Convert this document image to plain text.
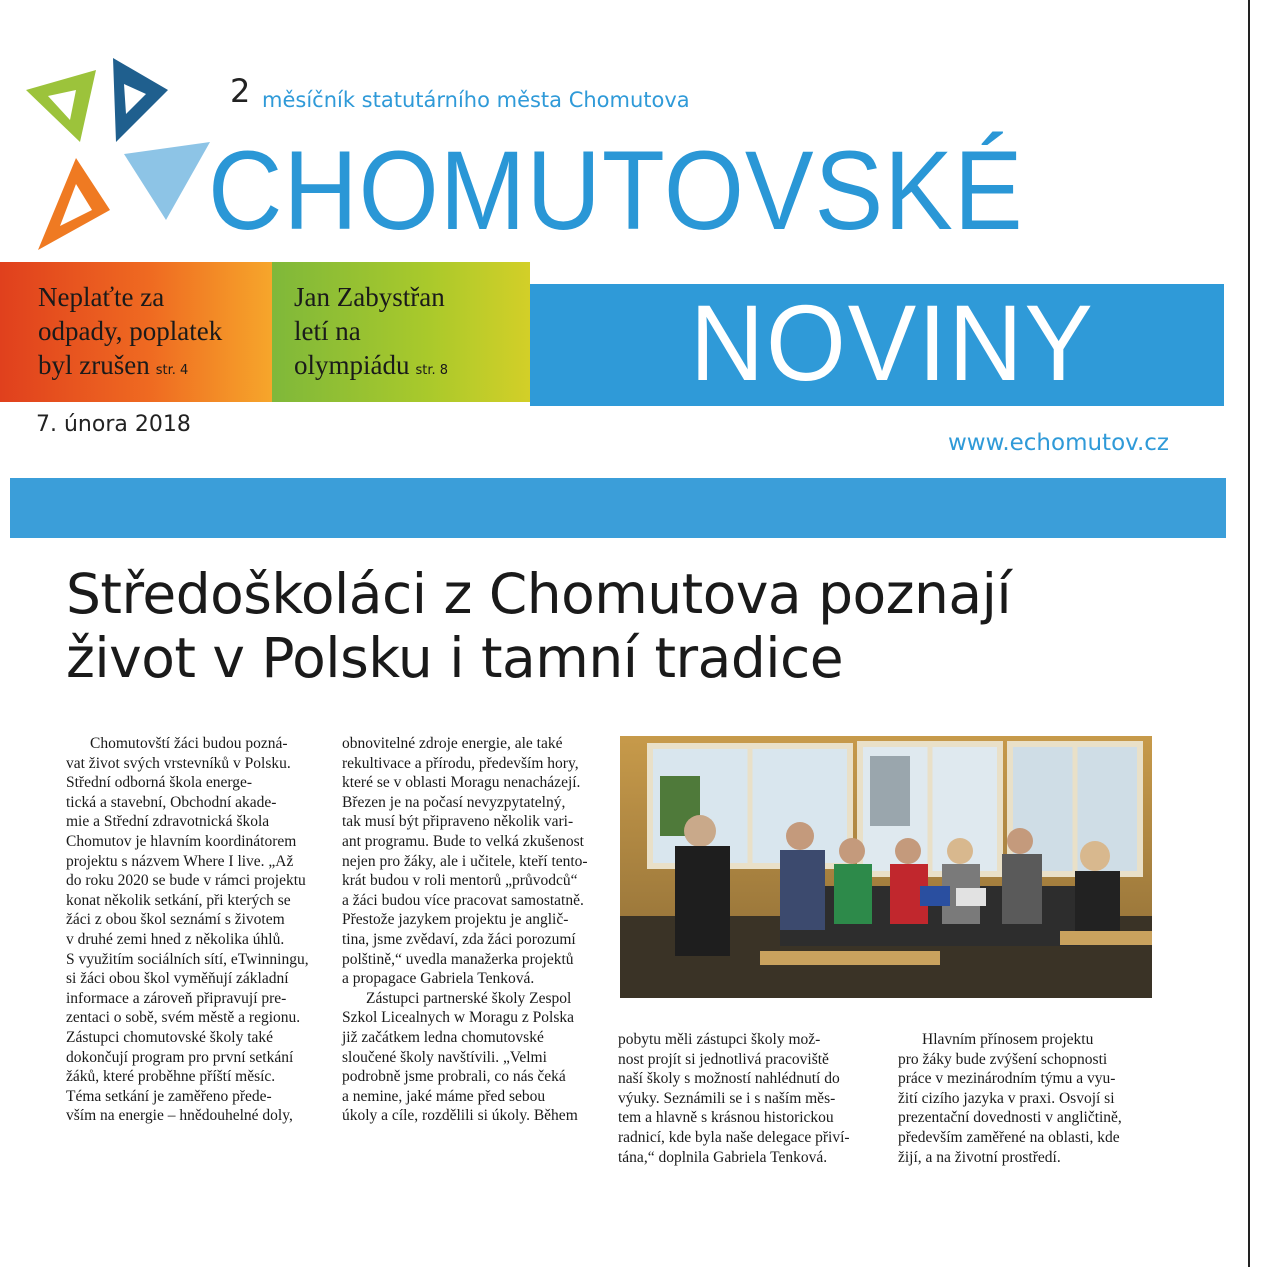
2 měsíčník statutárního města Chomutova
CHOMUTOVSKÉ
Neplaťte za
odpady, poplatek
byl zrušen str. 4
Jan Zabystřan
letí na
olympiádu str. 8 NOVINY
7. února 2018
www.echomutov.cz
Středoškoláci z Chomutova poznají
život v Polsku i tamní tradice
Chomutovští žáci budou pozná-
vat život svých vrstevníků v Polsku.
Střední odborná škola energe-
tická a stavební, Obchodní akade-
mie a Střední zdravotnická škola
Chomutov je hlavním koordinátorem
projektu s názvem Where I live. „Až
do roku 2020 se bude v rámci projektu
konat několik setkání, při kterých se
žáci z obou škol seznámí s životem
v druhé zemi hned z několika úhlů.
S využitím sociálních sítí, eTwinningu,
si žáci obou škol vyměňují základní
informace a zároveň připravují pre-
zentaci o sobě, svém městě a regionu.
Zástupci chomutovské školy také
dokončují program pro první setkání
žáků, které proběhne příští měsíc.
Téma setkání je zaměřeno přede-
vším na energie – hnědouhelné doly,
obnovitelné zdroje energie, ale také
rekultivace a přírodu, především hory,
které se v oblasti Moragu nenacházejí.
Březen je na počasí nevyzpytatelný,
tak musí být připraveno několik vari-
ant programu. Bude to velká zkušenost
nejen pro žáky, ale i učitele, kteří tento-
krát budou v roli mentorů „průvodců“
a žáci budou více pracovat samostatně.
Přestože jazykem projektu je anglič-
tina, jsme zvědaví, zda žáci porozumí
polštině,“ uvedla manažerka projektů
a propagace Gabriela Tenková.
Zástupci partnerské školy Zespol
Szkol Licealnych w Moragu z Polska
již začátkem ledna chomutovské
sloučené školy navštívili. „Velmi
podrobně jsme probrali, co nás čeká
a nemine, jaké máme před sebou
úkoly a cíle, rozdělili si úkoly. Během
pobytu měli zástupci školy mož-
nost projít si jednotlivá pracoviště
naší školy s možností nahlédnutí do
výuky. Seznámili se i s naším měs-
tem a hlavně s krásnou historickou
radnicí, kde byla naše delegace přiví-
tána,“ doplnila Gabriela Tenková.
Hlavním přínosem projektu
pro žáky bude zvýšení schopnosti
práce v mezinárodním týmu a vyu-
žití cizího jazyka v praxi. Osvojí si
prezentační dovednosti v angličtině,
především zaměřené na oblasti, kde
žijí, a na životní prostředí.
